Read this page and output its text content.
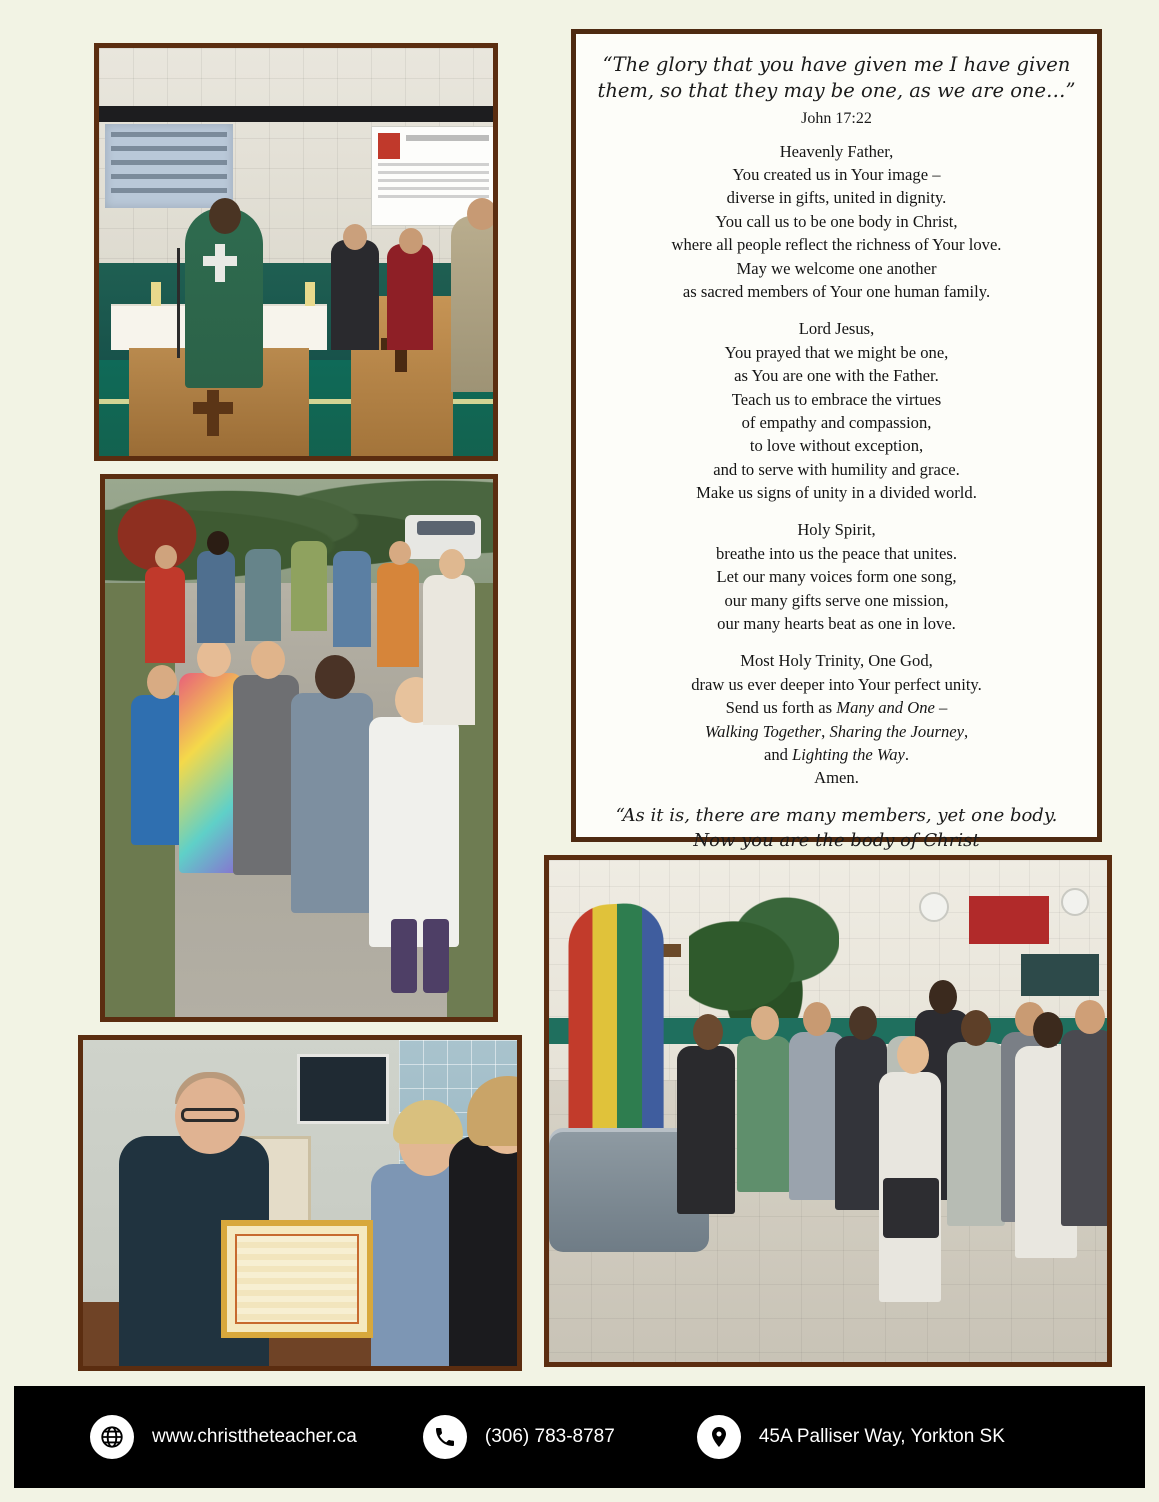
“The glory that you have given me I have given them, so that they may be one, as we are one…”
John 17:22
Heavenly Father,
You created us in Your image –
diverse in gifts, united in dignity.
You call us to be one body in Christ,
where all people reflect the richness of Your love.
May we welcome one another
as sacred members of Your one human family.
Lord Jesus,
You prayed that we might be one,
as You are one with the Father.
Teach us to embrace the virtues
of empathy and compassion,
to love without exception,
and to serve with humility and grace.
Make us signs of unity in a divided world.
Holy Spirit,
breathe into us the peace that unites.
Let our many voices form one song,
our many gifts serve one mission,
our many hearts beat as one in love.
Most Holy Trinity, One God,
draw us ever deeper into Your perfect unity.
Send us forth as Many and One –
Walking Together, Sharing the Journey,
and Lighting the Way.
Amen.
“As it is, there are many members, yet one body.
Now you are the body of Christ

www.christtheteacher.ca	(306) 783-8787	45A Palliser Way, Yorkton SK
